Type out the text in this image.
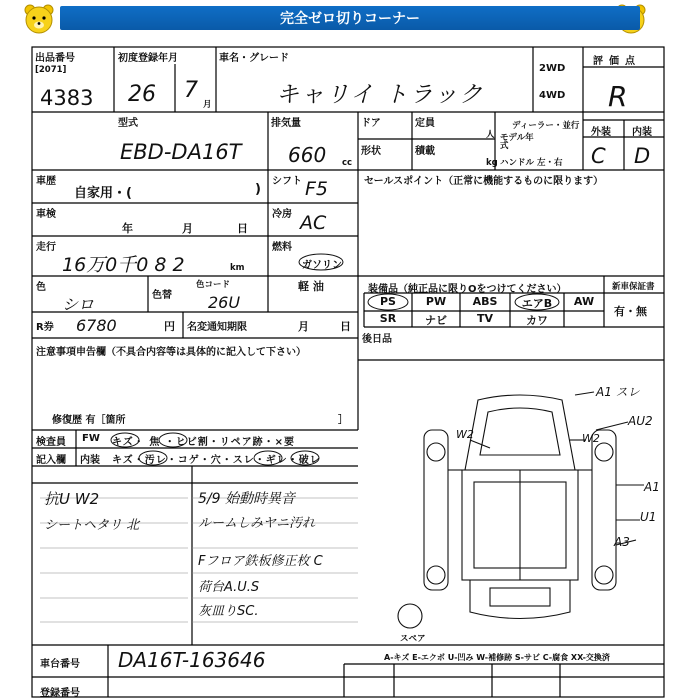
完全ゼロ切りコーナー
出品番号
[2071]
4383
初度登録年月
26 7
月
車名・グレード
キャリイ トラック
2WD
4WD
評価点
R
型式
EBD-DA16T
排気量
660 cc
ドア
形状
定員
積載
人
kg
ディーラー・並行
モデル年式
ハンドル 左・右
外装 内装
C D
車歴
自家用・(	)
シフト F5
車検
年	月	日
冷房 AC
走行
16万0千0 8 2	km
燃料
ガソリン
軽 油
色
シロ	色替
色コード
26U
R券 6780	円 名変通知期限	月	日
セールスポイント（正常に機能するものに限ります）
装備品（純正品に限りOをつけてください）	新車保証書
有・無
PS	PW	ABS	エアB	AW
SR	ナビ	TV	カワ
後日品
注意事項申告欄（不具合内容等は具体的に記入して下さい）
修復歴 有［箇所	］
検査員
記入欄
FW
内装
キズ・ 焦 ・ヒビ割・リペア跡・×要
キズ・汚レ・コゲ・穴・スレ・ギレ・破レ
抗U W2
シートヘタリ 北
5/9 始動時異音
ルームしみヤニ汚れ
Fフロア鉄板修正枚 C
荷台A.U.S
灰皿りSC.
A1 スレ
AU2
W2	W2
A1
U1
A3
スペア
A-キズ E-エクボ U-凹み W-補修跡 S-サビ C-腐食 XX-交換済
車台番号 DA16T-163646
登録番号
